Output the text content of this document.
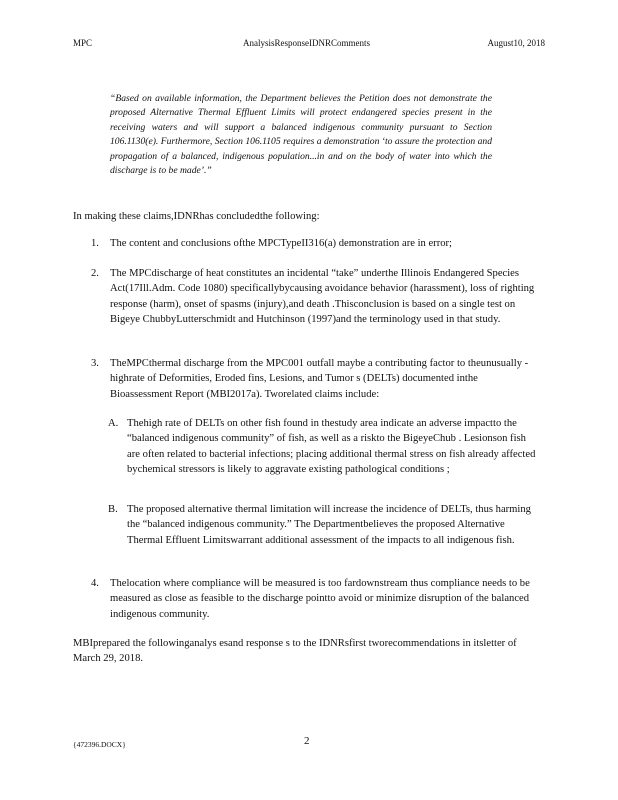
MPC	AnalysisResponseIDNRComments	August10, 2018
“Based on available information, the Department believes the Petition does not demonstrate the proposed Alternative Thermal Effluent Limits will protect endangered species present in the receiving waters and will support a balanced indigenous community pursuant to Section 106.1130(e). Furthermore, Section 106.1105 requires a demonstration ‘to assure the protection and propagation of a balanced, indigenous population...in and on the body of water into which the discharge is to be made’.”
In making these claims,IDNRhas concludedthe following:
1.	The content and conclusions ofthe MPCTypeII316(a) demonstration are in error;
2.	The MPCdischarge of heat constitutes an incidental “take” underthe Illinois Endangered Species Act(17Ill.Adm. Code 1080) specificallybycausing avoidance behavior (harassment), loss of righting response (harm), onset of spasms (injury),and death .Thisconclusion is based on a single test on Bigeye ChubbyLutterschmidt and Hutchinson (1997)and the terminology used in that study.
3.	TheMPCthermal discharge from the MPC001 outfall maybe a contributing factor to theunusually -highrate of Deformities, Eroded fins, Lesions, and Tumor s (DELTs) documented inthe Bioassessment Report (MBI2017a). Tworelated claims include:
A. Thehigh rate of DELTs on other fish found in thestudy area indicate an adverse impactto the “balanced indigenous community” of fish, as well as a riskto the BigeyeChub . Lesionson fish are often related to bacterial infections; placing additional thermal stress on fish already affected bychemical stressors is likely to aggravate existing pathological conditions ;
B. The proposed alternative thermal limitation will increase the incidence of DELTs, thus harming the “balanced indigenous community.” The Departmentbelieves the proposed Alternative Thermal Effluent Limitswarrant additional assessment of the impacts to all indigenous fish.
4.	Thelocation where compliance will be measured is too fardownstream thus compliance needs to be measured as close as feasible to the discharge pointto avoid or minimize disruption of the balanced indigenous community.
MBIprepared the followinganalys esand response s to the IDNRsfirst tworecommendations in itsletter of March 29, 2018.
{472396.DOCX}	2
